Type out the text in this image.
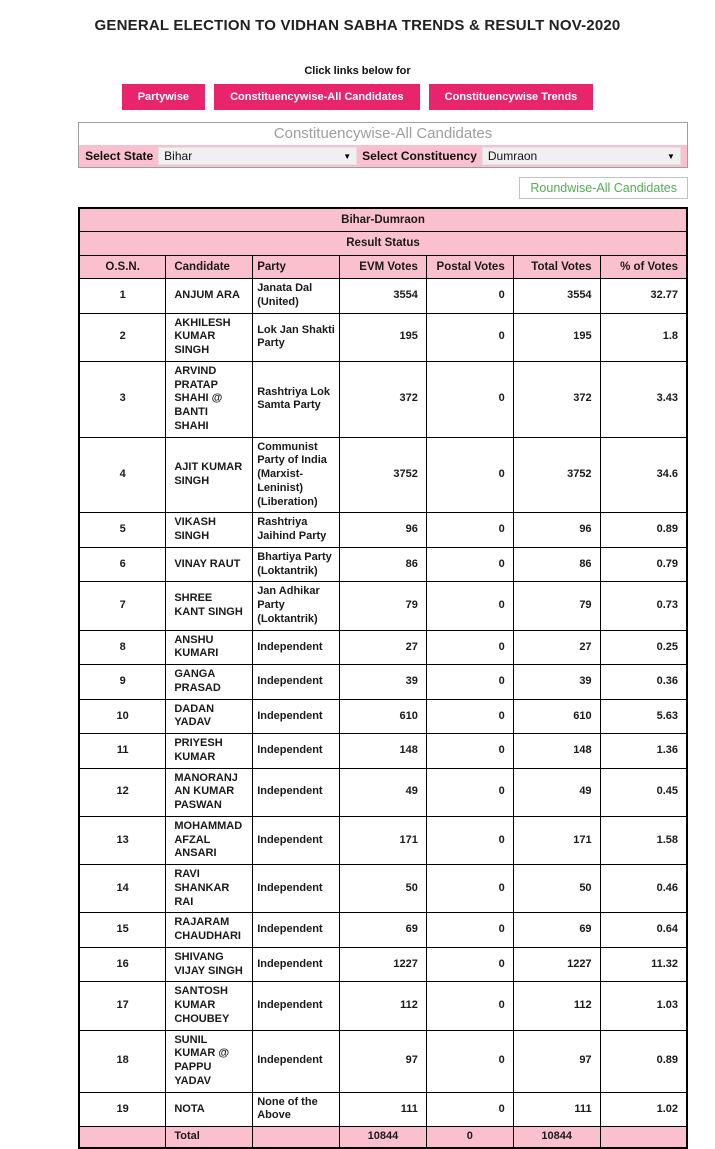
GENERAL ELECTION TO VIDHAN SABHA TRENDS & RESULT NOV-2020
Click links below for
Partywise	Constituencywise-All Candidates	Constituencywise Trends
Constituencywise-All Candidates
Select State Bihar	▼ Select Constituency Dumraon	▼
Roundwise-All Candidates
Bihar-Dumraon						
Result Status						
O.S.N.	Candidate	Party	EVM Votes	Postal Votes	Total Votes	% of Votes
1	ANJUM ARA	Janata Dal (United)	3554	0	3554	32.77
2	AKHILESH KUMAR SINGH	Lok Jan Shakti Party	195	0	195	1.8
3	ARVIND PRATAP SHAHI @ BANTI SHAHI	Rashtriya Lok Samta Party	372	0	372	3.43
4	AJIT KUMAR SINGH	Communist Party of India (Marxist-Leninist) (Liberation)	3752	0	3752	34.6
5	VIKASH SINGH	Rashtriya Jaihind Party	96	0	96	0.89
6	VINAY RAUT	Bhartiya Party (Loktantrik)	86	0	86	0.79
7	SHREE KANT SINGH	Jan Adhikar Party (Loktantrik)	79	0	79	0.73
8	ANSHU KUMARI	Independent	27	0	27	0.25
9	GANGA PRASAD	Independent	39	0	39	0.36
10	DADAN YADAV	Independent	610	0	610	5.63
11	PRIYESH KUMAR	Independent	148	0	148	1.36
12	MANORANJAN KUMAR PASWAN	Independent	49	0	49	0.45
13	MOHAMMAD AFZAL ANSARI	Independent	171	0	171	1.58
14	RAVI SHANKAR RAI	Independent	50	0	50	0.46
15	RAJARAM CHAUDHARI	Independent	69	0	69	0.64
16	SHIVANG VIJAY SINGH	Independent	1227	0	1227	11.32
17	SANTOSH KUMAR CHOUBEY	Independent	112	0	112	1.03
18	SUNIL KUMAR @ PAPPU YADAV	Independent	97	0	97	0.89
19	NOTA	None of the Above	111	0	111	1.02
	Total		10844	0	10844	
